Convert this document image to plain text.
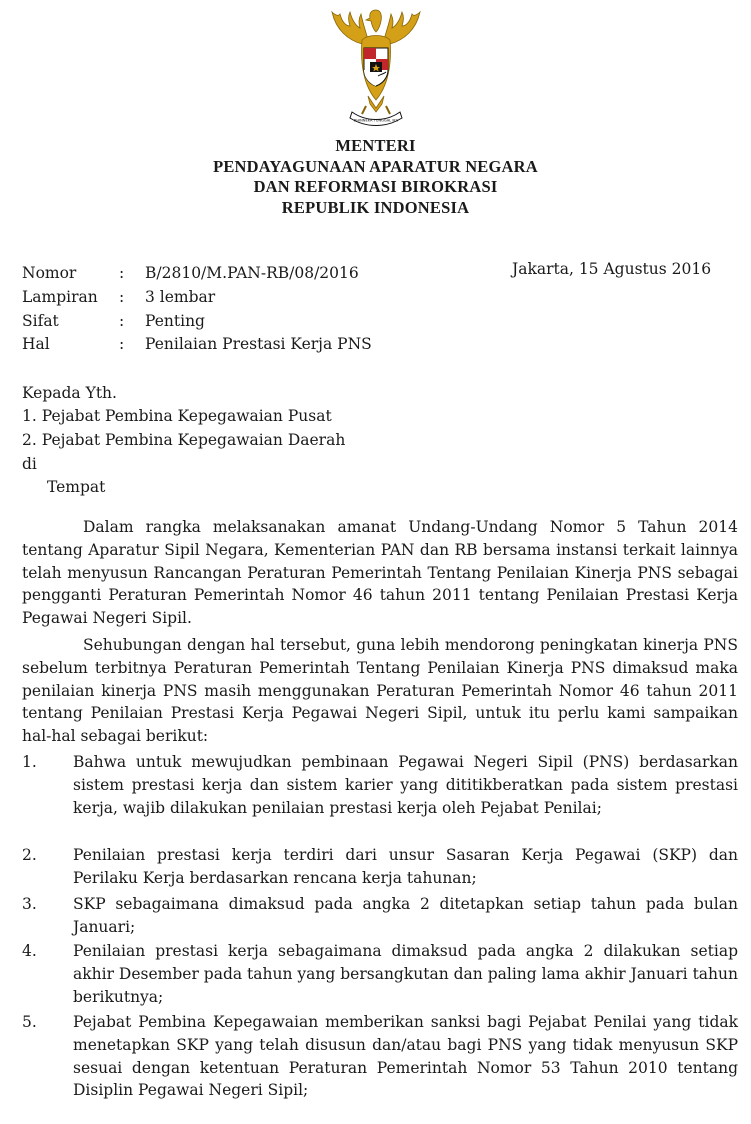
BHINNEKA TUNGGAL IKA
MENTERI
PENDAYAGUNAAN APARATUR NEGARA
DAN REFORMASI BIROKRASI
REPUBLIK INDONESIA
Jakarta, 15 Agustus 2016
Nomor	: B/2810/M.PAN-RB/08/2016
Lampiran : 3 lembar
Sifat	: Penting
Hal	: Penilaian Prestasi Kerja PNS
Kepada Yth.
1. Pejabat Pembina Kepegawaian Pusat
2. Pejabat Pembina Kepegawaian Daerah
di
Tempat
Dalam rangka melaksanakan amanat Undang-Undang Nomor 5 Tahun 2014 tentang Aparatur Sipil Negara, Kementerian PAN dan RB bersama instansi terkait lainnya telah menyusun Rancangan Peraturan Pemerintah Tentang Penilaian Kinerja PNS sebagai pengganti Peraturan Pemerintah Nomor 46 tahun 2011 tentang Penilaian Prestasi Kerja Pegawai Negeri Sipil.
Sehubungan dengan hal tersebut, guna lebih mendorong peningkatan kinerja PNS sebelum terbitnya Peraturan Pemerintah Tentang Penilaian Kinerja PNS dimaksud maka penilaian kinerja PNS masih menggunakan Peraturan Pemerintah Nomor 46 tahun 2011 tentang Penilaian Prestasi Kerja Pegawai Negeri Sipil, untuk itu perlu kami sampaikan hal-hal sebagai berikut:
1. Bahwa untuk mewujudkan pembinaan Pegawai Negeri Sipil (PNS) berdasarkan sistem prestasi kerja dan sistem karier yang dititikberatkan pada sistem prestasi kerja, wajib dilakukan penilaian prestasi kerja oleh Pejabat Penilai;
2. Penilaian prestasi kerja terdiri dari unsur Sasaran Kerja Pegawai (SKP) dan Perilaku Kerja berdasarkan rencana kerja tahunan;
3. SKP sebagaimana dimaksud pada angka 2 ditetapkan setiap tahun pada bulan Januari;
4. Penilaian prestasi kerja sebagaimana dimaksud pada angka 2 dilakukan setiap akhir Desember pada tahun yang bersangkutan dan paling lama akhir Januari tahun berikutnya;
5. Pejabat Pembina Kepegawaian memberikan sanksi bagi Pejabat Penilai yang tidak menetapkan SKP yang telah disusun dan/atau bagi PNS yang tidak menyusun SKP sesuai dengan ketentuan Peraturan Pemerintah Nomor 53 Tahun 2010 tentang Disiplin Pegawai Negeri Sipil;
